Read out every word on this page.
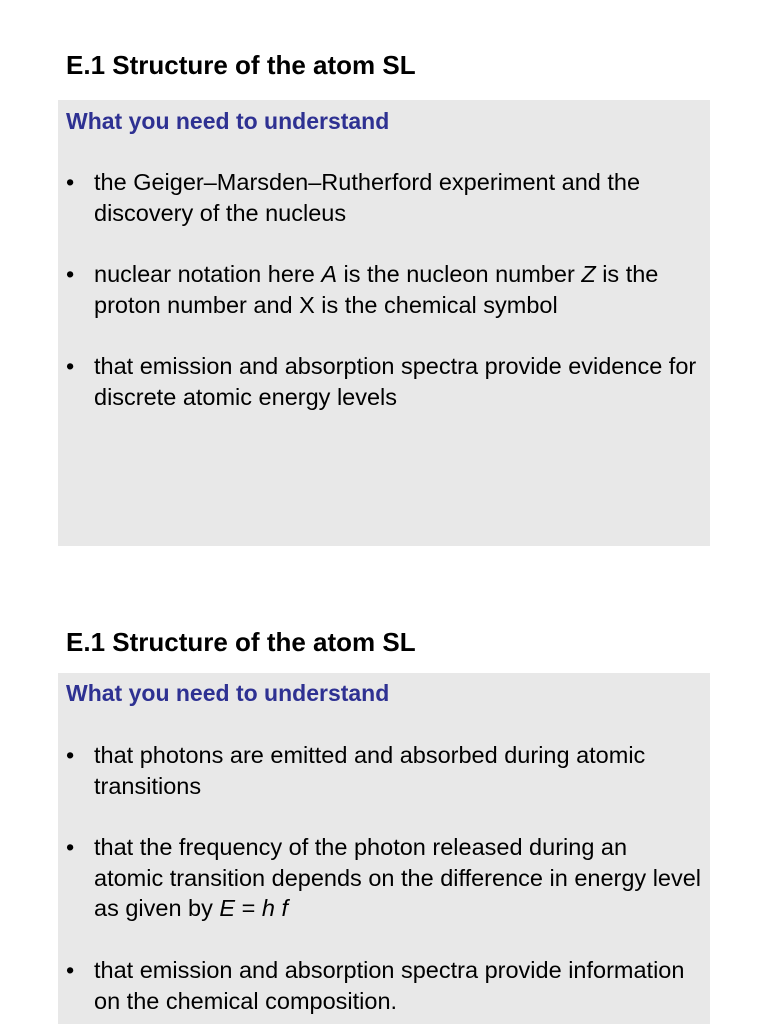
E.1 Structure of the atom SL
What you need to understand
• the Geiger–Marsden–Rutherford experiment and the discovery of the nucleus
• nuclear notation here A is the nucleon number Z is the proton number and X is the chemical symbol
• that emission and absorption spectra provide evidence for discrete atomic energy levels
E.1 Structure of the atom SL
What you need to understand
• that photons are emitted and absorbed during atomic transitions
• that the frequency of the photon released during an atomic transition depends on the difference in energy level as given by E = h f
• that emission and absorption spectra provide information on the chemical composition.
